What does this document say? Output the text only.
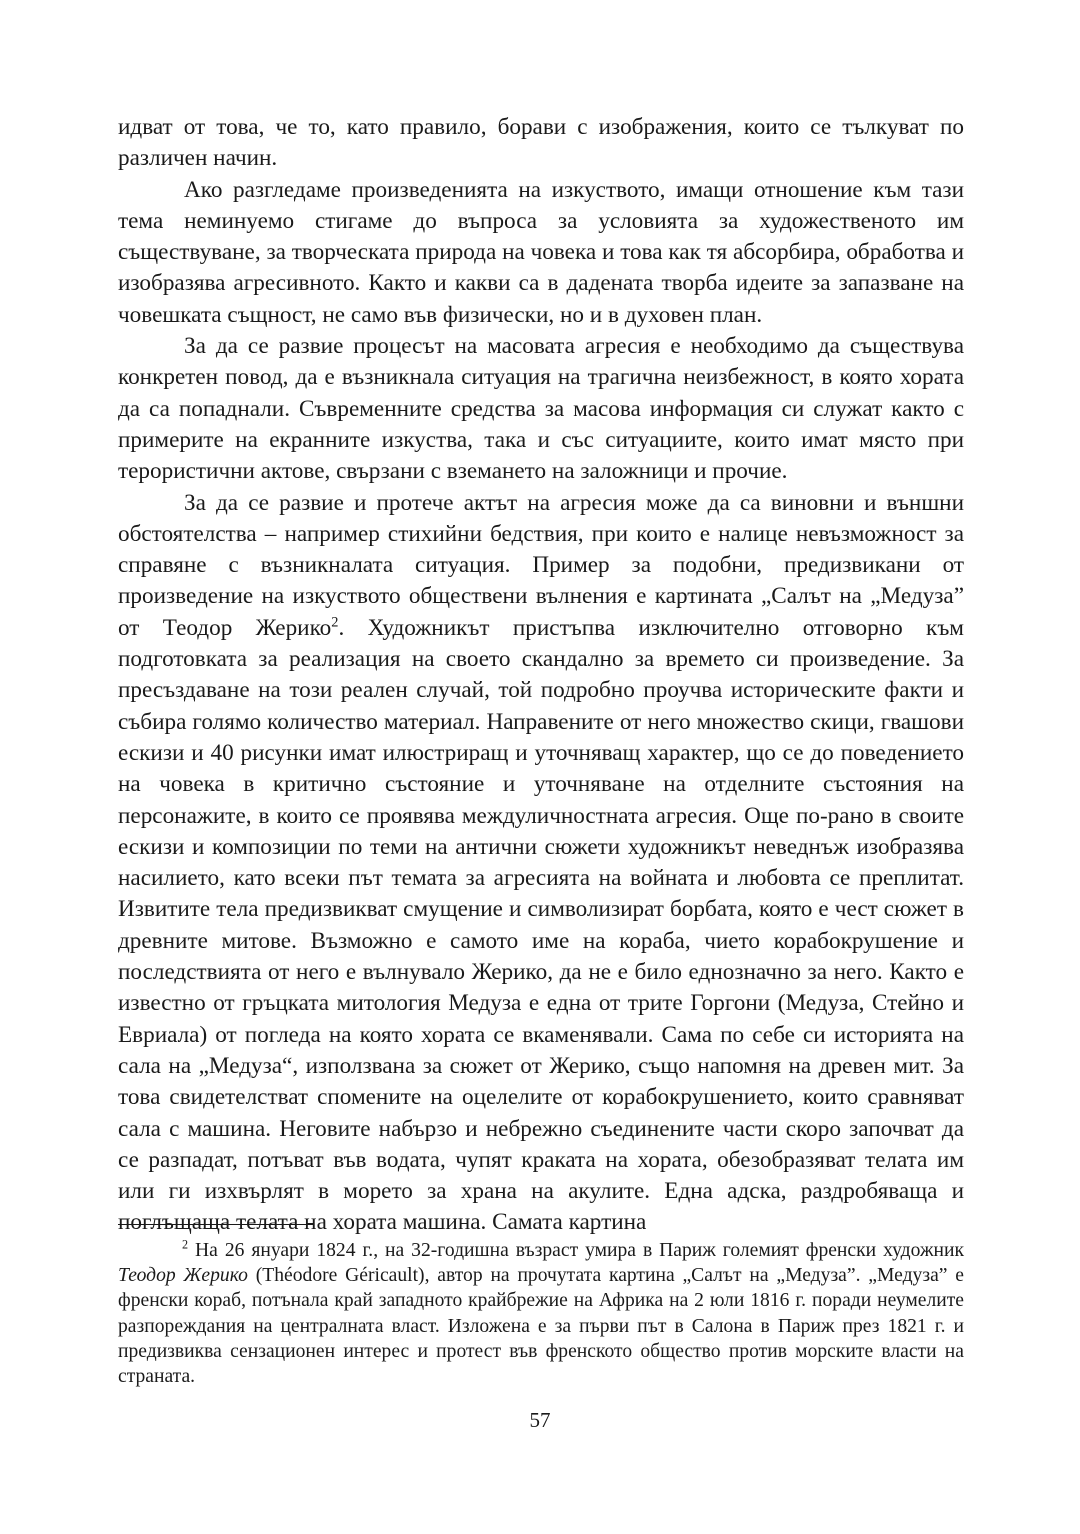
идват от това, че то, като правило, борави с изображения, които се тълкуват по различен начин.

Ако разгледаме произведенията на изкуството, имащи отношение към тази тема неминуемо стигаме до въпроса за условията за художественото им съществуване, за творческата природа на човека и това как тя абсорбира, обработва и изобразява агресивното. Както и какви са в дадената творба идеите за запазване на човешката същност, не само във физически, но и в духовен план.

За да се развие процесът на масовата агресия е необходимо да съществува конкретен повод, да е възникнала ситуация на трагична неизбежност, в която хората да са попаднали. Съвременните средства за масова информация си служат както с примерите на екранните изкуства, така и със ситуациите, които имат място при терористични актове, свързани с вземането на заложници и прочие.

За да се развие и протече актът на агресия може да са виновни и външни обстоятелства – например стихийни бедствия, при които е налице невъзможност за справяне с възникналата ситуация. Пример за подобни, предизвикани от произведение на изкуството обществени вълнения е картината „Салът на „Медуза” от Теодор Жерико$^2$. Художникът пристъпва изключително отговорно към подготовката за реализация на своето скандално за времето си произведение. За пресъздаване на този реален случай, той подробно проучва историческите факти и събира голямо количество материал. Направените от него множество скици, гвашови ескизи и 40 рисунки имат илюстриращ и уточняващ характер, що се до поведението на човека в критично състояние и уточняване на отделните състояния на персонажите, в които се проявява междуличностната агресия. Още по-рано в своите ескизи и композиции по теми на антични сюжети художникът неведнъж изобразява насилието, като всеки път темата за агресията на войната и любовта се преплитат. Извитите тела предизвикват смущение и символизират борбата, която е чест сюжет в древните митове. Възможно е самото име на кораба, чието корабокрушение и последствията от него е вълнувало Жерико, да не е било еднозначно за него. Както е известно от гръцката митология Медуза е една от трите Горгони (Медуза, Стейно и Евриала) от погледа на която хората се вкаменявали. Сама по себе си историята на сала на „Медуза“, използвана за сюжет от Жерико, също напомня на древен мит. За това свидетелстват спомените на оцелелите от корабокрушението, които сравняват сала с машина. Неговите набързо и небрежно съединените части скоро започват да се разпадат, потъват във водата, чупят краката на хората, обезобразяват телата им или ги изхвърлят в морето за храна на акулите. Една адска, раздробяваща и поглъщаща телата на хората машина. Самата картина

$^2$ На 26 януари 1824 г., на 32-годишна възраст умира в Париж големият френски художник Теодор Жерико (Théodore Géricault), автор на прочутата картина „Салът на „Медуза”. „Медуза” е френски кораб, потънала край западното крайбрежие на Африка на 2 юли 1816 г. поради неумелите разпореждания на централната власт. Изложена е за първи път в Салона в Париж през 1821 г. и предизвиква сензационен интерес и протест във френското общество против морските власти на страната.

57
